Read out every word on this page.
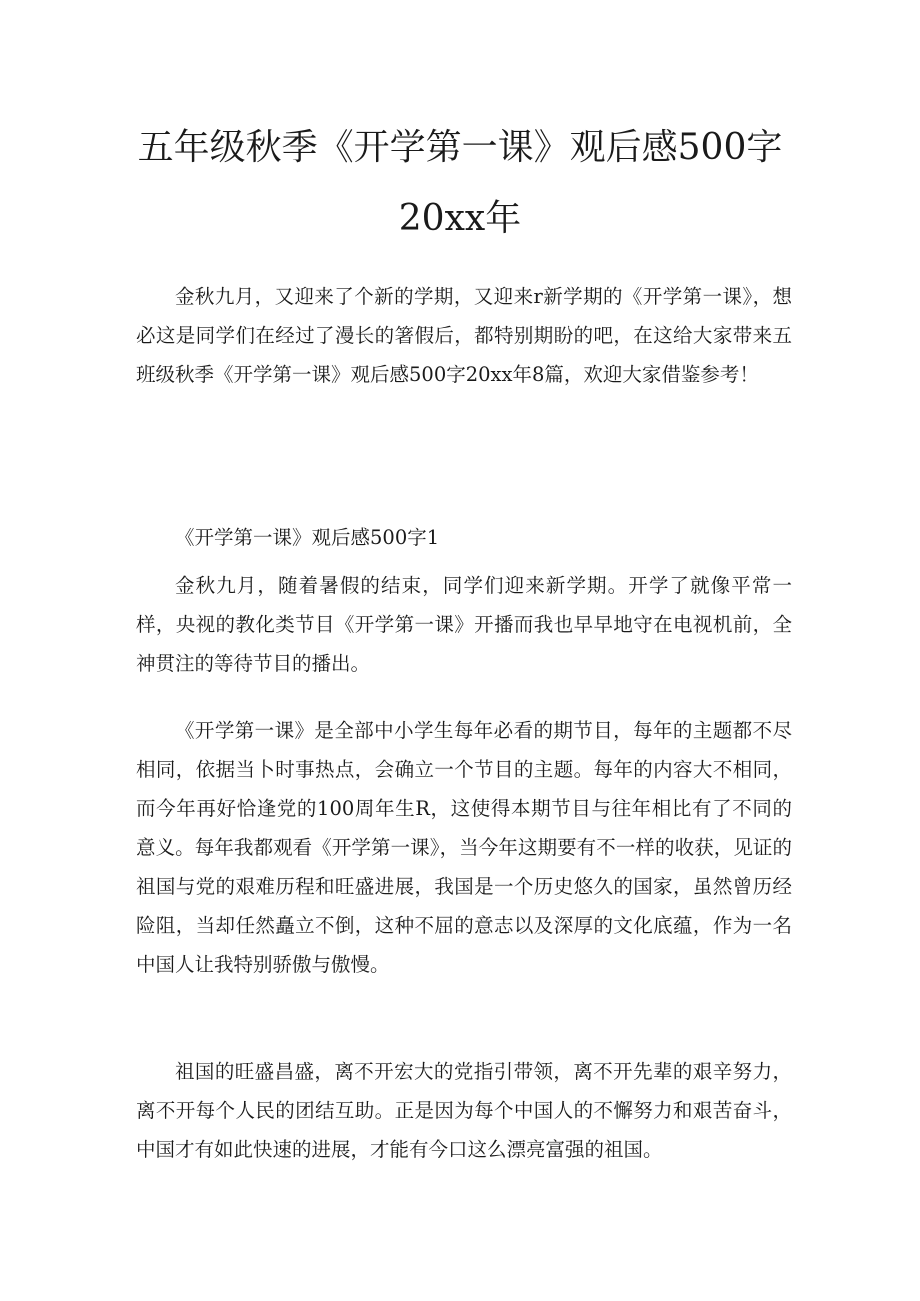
五年级秋季《开学第一课》观后感500字
20xx年

金秋九月，又迎来了个新的学期，又迎来r新学期的《开学第一课》，想必这是同学们在经过了漫长的箸假后，都特别期盼的吧，在这给大家带来五班级秋季《开学第一课》观后感500字20xx年8篇，欢迎大家借鉴参考！

《开学第一课》观后感500字1

金秋九月，随着暑假的结束，同学们迎来新学期。开学了就像平常一样，央视的教化类节目《开学第一课》开播而我也早早地守在电视机前，全神贯注的等待节目的播出。

《开学第一课》是全部中小学生每年必看的期节目，每年的主题都不尽相同，依据当卜时事热点，会确立一个节目的主题。每年的内容大不相同，而今年再好恰逢党的100周年生R，这使得本期节目与往年相比有了不同的意义。每年我都观看《开学第一课》，当今年这期要有不一样的收获，见证的祖国与党的艰难历程和旺盛进展，我国是一个历史悠久的国家，虽然曾历经险阻，当却任然矗立不倒，这种不屈的意志以及深厚的文化底蕴，作为一名中国人让我特别骄傲与傲慢。

祖国的旺盛昌盛，离不开宏大的党指引带领，离不开先辈的艰辛努力，离不开每个人民的团结互助。正是因为每个中国人的不懈努力和艰苦奋斗，中国才有如此快速的进展，才能有今口这么漂亮富强的祖国。
